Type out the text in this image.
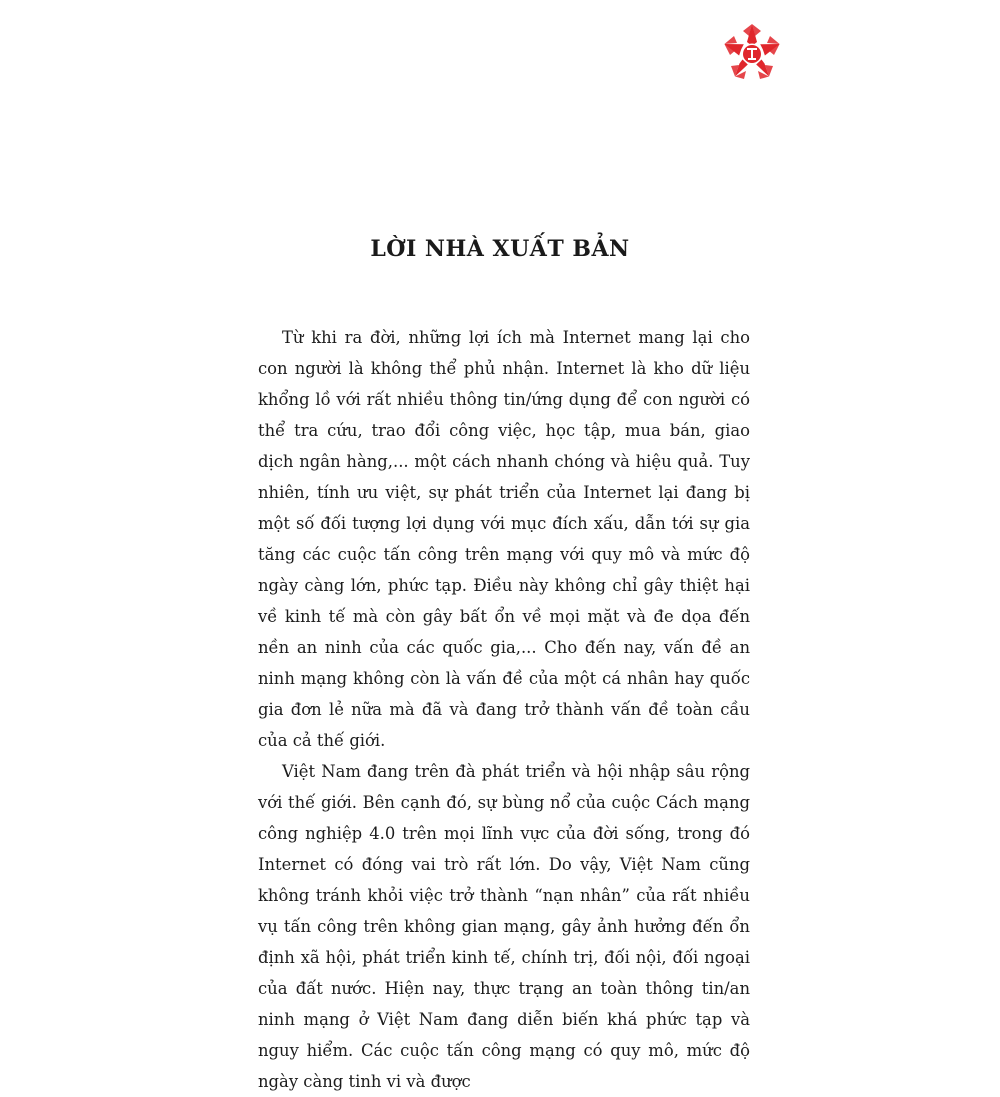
LỜI NHÀ XUẤT BẢN

Từ khi ra đời, những lợi ích mà Internet mang lại cho con người là không thể phủ nhận. Internet là kho dữ liệu khổng lồ với rất nhiều thông tin/ứng dụng để con người có thể tra cứu, trao đổi công việc, học tập, mua bán, giao dịch ngân hàng,... một cách nhanh chóng và hiệu quả. Tuy nhiên, tính ưu việt, sự phát triển của Internet lại đang bị một số đối tượng lợi dụng với mục đích xấu, dẫn tới sự gia tăng các cuộc tấn công trên mạng với quy mô và mức độ ngày càng lớn, phức tạp. Điều này không chỉ gây thiệt hại về kinh tế mà còn gây bất ổn về mọi mặt và đe dọa đến nền an ninh của các quốc gia,... Cho đến nay, vấn đề an ninh mạng không còn là vấn đề của một cá nhân hay quốc gia đơn lẻ nữa mà đã và đang trở thành vấn đề toàn cầu của cả thế giới.

Việt Nam đang trên đà phát triển và hội nhập sâu rộng với thế giới. Bên cạnh đó, sự bùng nổ của cuộc Cách mạng công nghiệp 4.0 trên mọi lĩnh vực của đời sống, trong đó Internet có đóng vai trò rất lớn. Do vậy, Việt Nam cũng không tránh khỏi việc trở thành “nạn nhân” của rất nhiều vụ tấn công trên không gian mạng, gây ảnh hưởng đến ổn định xã hội, phát triển kinh tế, chính trị, đối nội, đối ngoại của đất nước. Hiện nay, thực trạng an toàn thông tin/an ninh mạng ở Việt Nam đang diễn biến khá phức tạp và nguy hiểm. Các cuộc tấn công mạng có quy mô, mức độ ngày càng tinh vi và được
